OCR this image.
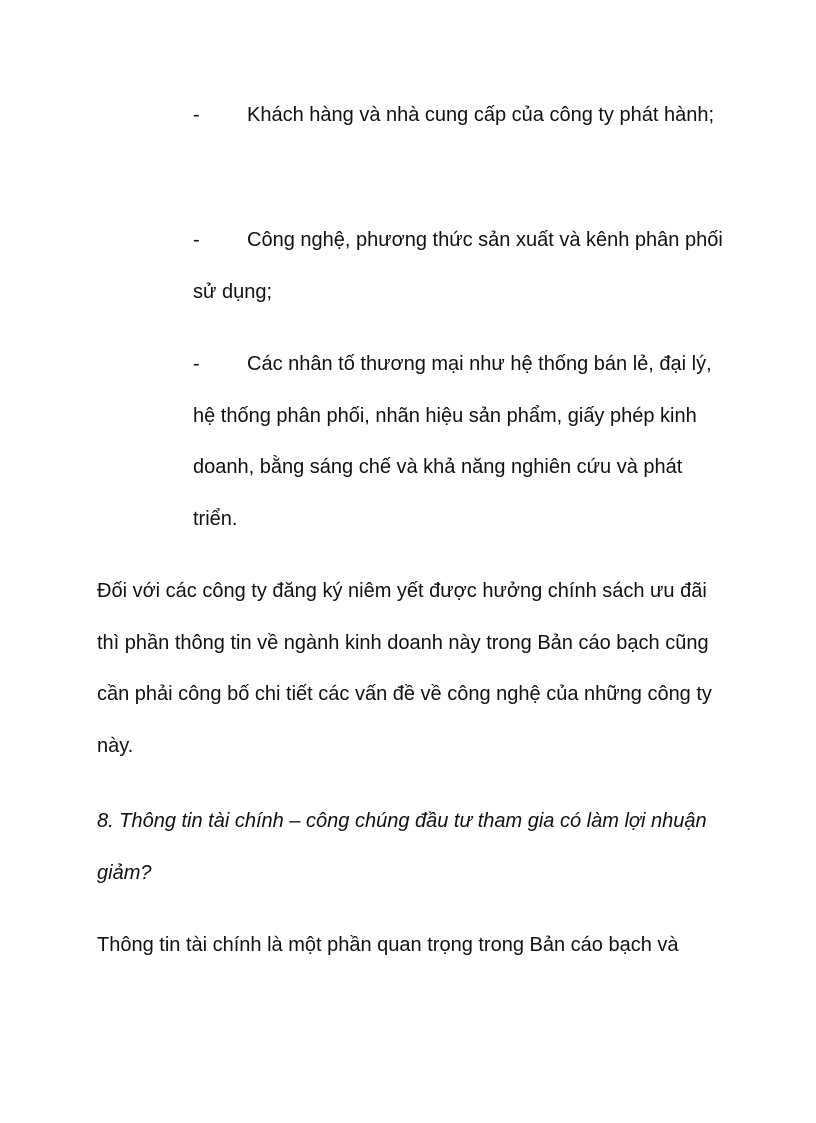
-	Khách hàng và nhà cung cấp của công ty phát hành;
-	Công nghệ, phương thức sản xuất và kênh phân phối sử dụng;
-	Các nhân tố thương mại như hệ thống bán lẻ, đại lý, hệ thống phân phối, nhãn hiệu sản phẩm, giấy phép kinh doanh, bằng sáng chế và khả năng nghiên cứu và phát triển.

Đối với các công ty đăng ký niêm yết được hưởng chính sách ưu đãi thì phần thông tin về ngành kinh doanh này trong Bản cáo bạch cũng cần phải công bố chi tiết các vấn đề về công nghệ của những công ty này.

8. Thông tin tài chính – công chúng đầu tư tham gia có làm lợi nhuận giảm?

Thông tin tài chính là một phần quan trọng trong Bản cáo bạch và
